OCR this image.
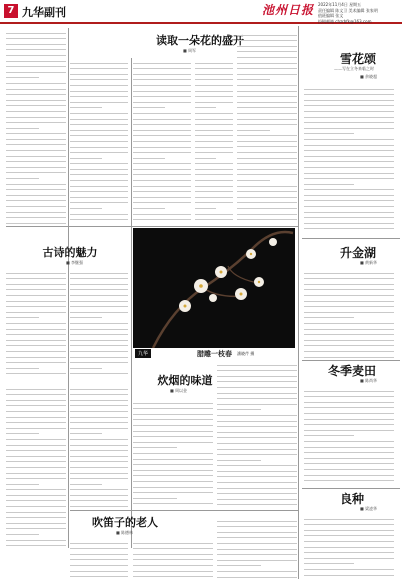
7 九华副刊	池州日报 2022年11月4日 星期五
责任编辑 陈文卫 美术编辑 张家明
值班编辑 张文
投稿邮箱 chzrbfk@163.com
读取一朵花的盛开
■ 周军
古诗的魅力
■ 李继强
九华	腊雕一枝春 潘晓芹 摄
炊烟的味道
■ 周以金
吹笛子的老人
■ 陈德林
雪花颂
——写在立冬来临之时
■ 余晓超
升金湖
■ 黄新华
冬季麦田
■ 陈尚华
良种
■ 梁凌华
